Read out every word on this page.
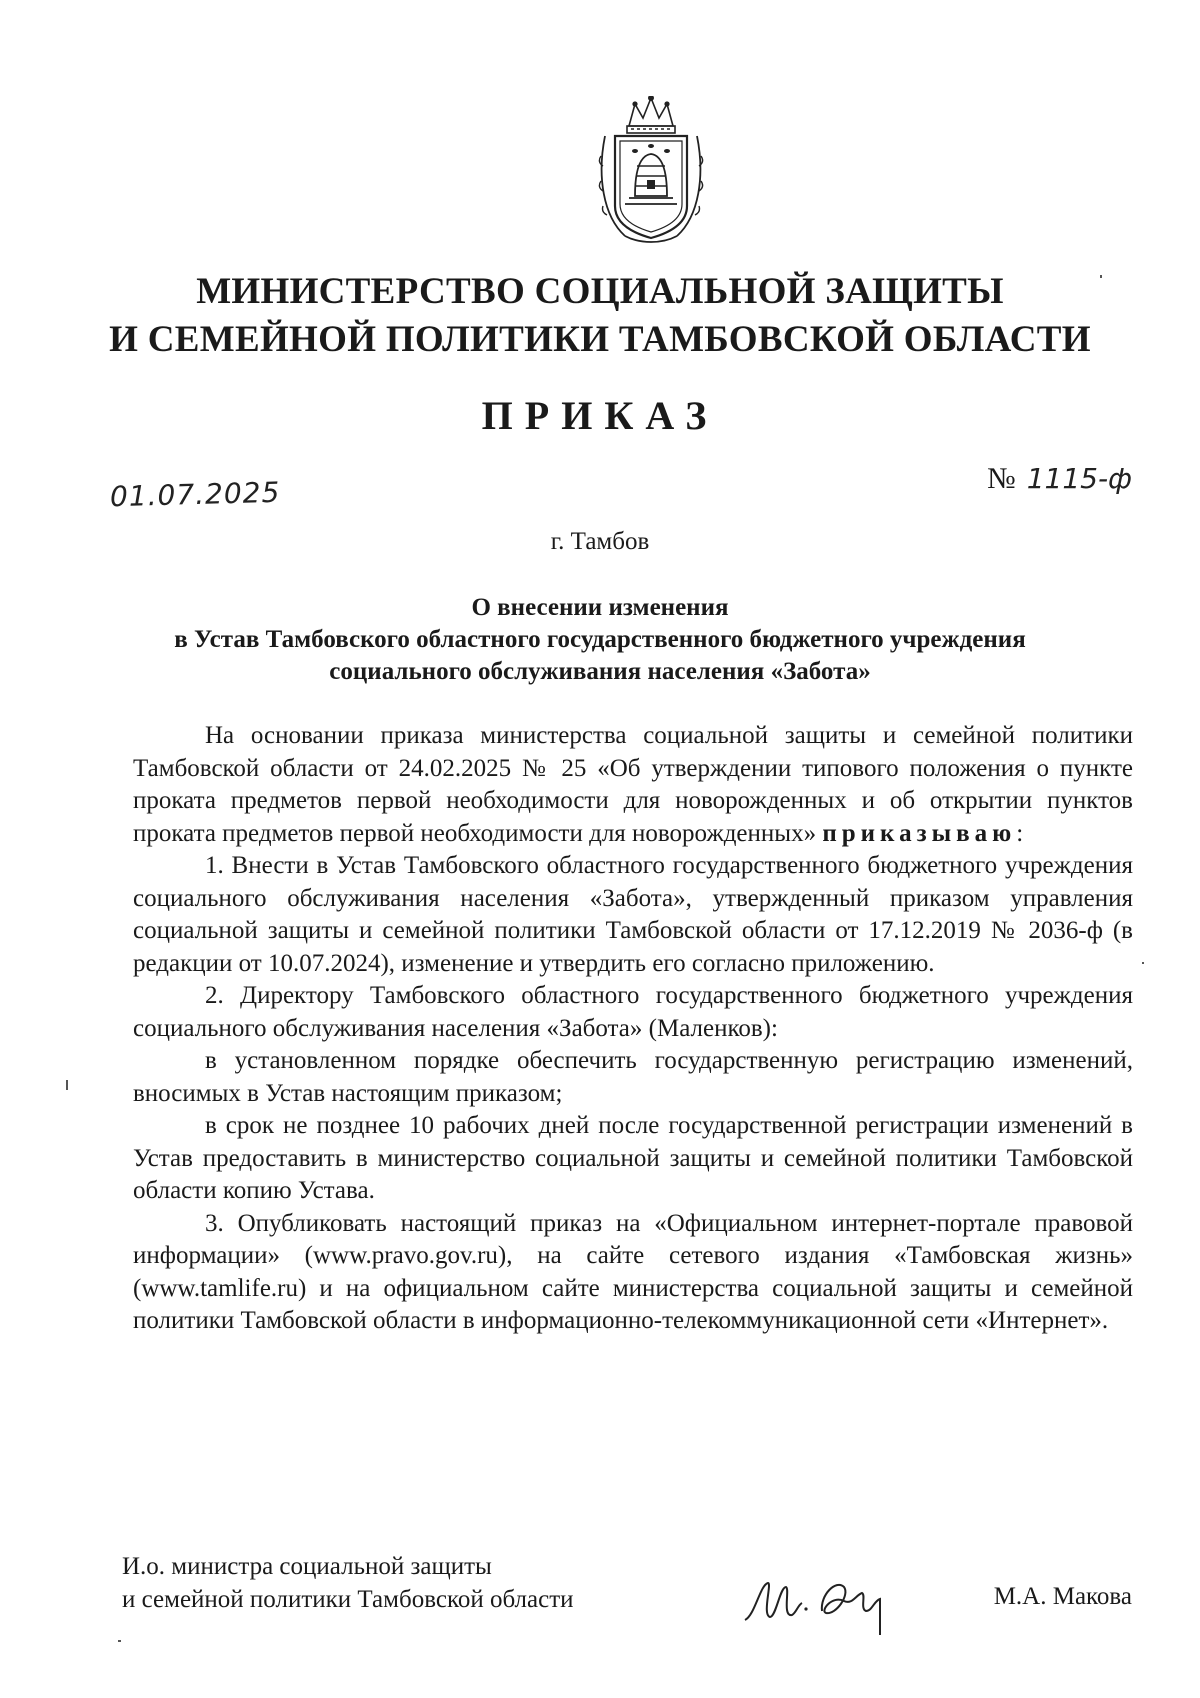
МИНИСТЕРСТВО СОЦИАЛЬНОЙ ЗАЩИТЫ
И СЕМЕЙНОЙ ПОЛИТИКИ ТАМБОВСКОЙ ОБЛАСТИ
ПРИКАЗ
01.07.2025	№ 1115-ф
г. Тамбов
О внесении изменения
в Устав Тамбовского областного государственного бюджетного учреждения
социального обслуживания населения «Забота»

На основании приказа министерства социальной защиты и семейной политики Тамбовской области от 24.02.2025 № 25 «Об утверждении типового положения о пункте проката предметов первой необходимости для новорожденных и об открытии пунктов проката предметов первой необходимости для новорожденных» приказываю:

1. Внести в Устав Тамбовского областного государственного бюджетного учреждения социального обслуживания населения «Забота», утвержденный приказом управления социальной защиты и семейной политики Тамбовской области от 17.12.2019 № 2036-ф (в редакции от 10.07.2024), изменение и утвердить его согласно приложению.

2. Директору Тамбовского областного государственного бюджетного учреждения социального обслуживания населения «Забота» (Маленков):

в установленном порядке обеспечить государственную регистрацию изменений, вносимых в Устав настоящим приказом;

в срок не позднее 10 рабочих дней после государственной регистрации изменений в Устав предоставить в министерство социальной защиты и семейной политики Тамбовской области копию Устава.

3. Опубликовать настоящий приказ на «Официальном интернет-портале правовой информации» (www.pravo.gov.ru), на сайте сетевого издания «Тамбовская жизнь» (www.tamlife.ru) и на официальном сайте министерства социальной защиты и семейной политики Тамбовской области в информационно-телекоммуникационной сети «Интернет».

И.о. министра социальной защиты
и семейной политики Тамбовской области	М.А. Макова
